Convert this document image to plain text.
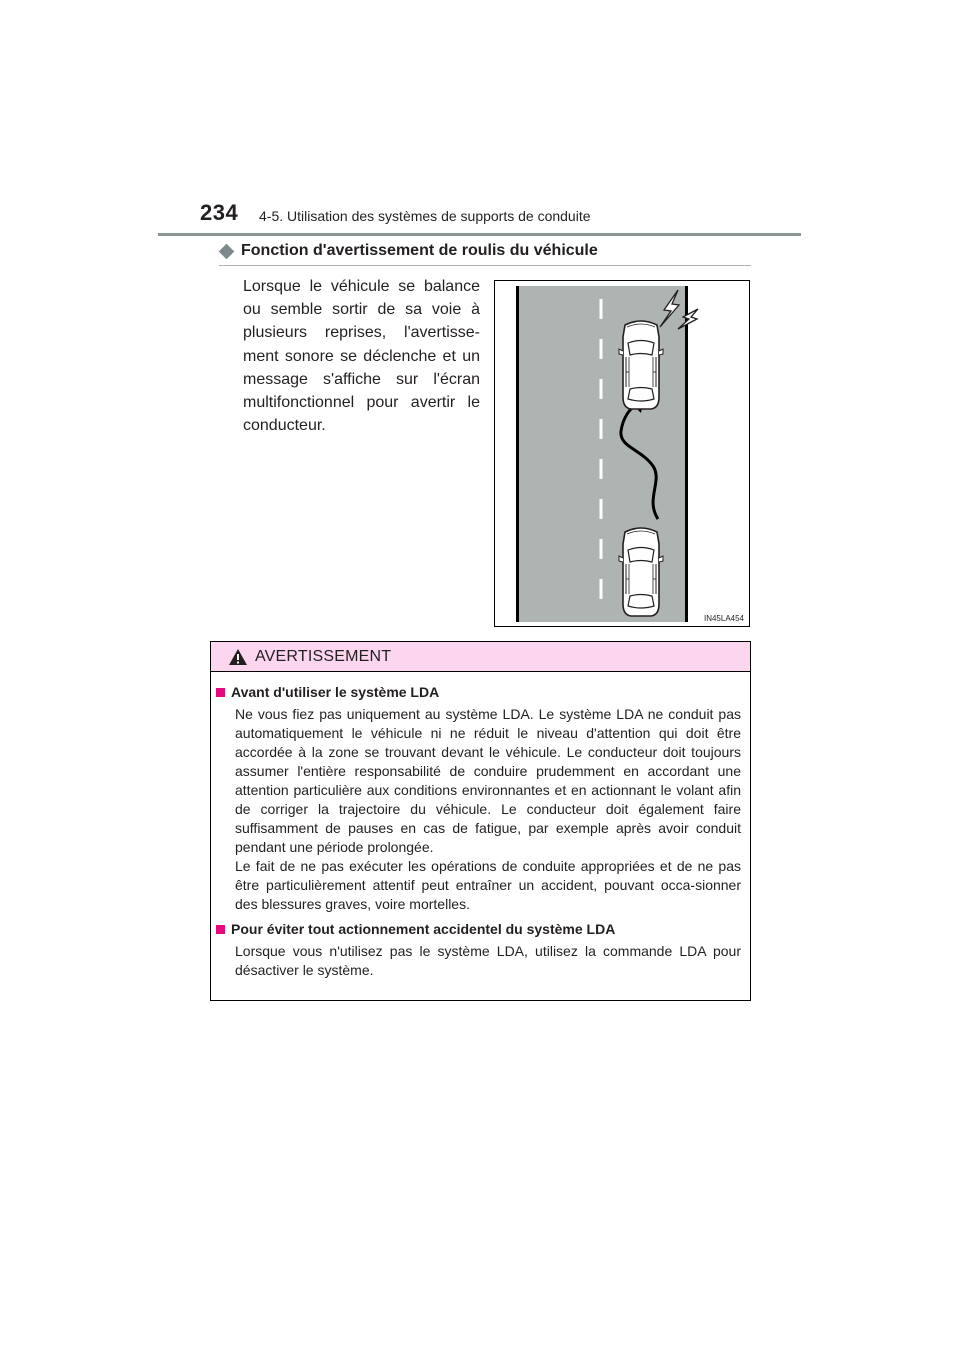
234 4-5. Utilisation des systèmes de supports de conduite
Fonction d'avertissement de roulis du véhicule

Lorsque le véhicule se balance ou semble sortir de sa voie à plusieurs reprises, l'avertisse-ment sonore se déclenche et un message s'affiche sur l'écran multifonctionnel pour avertir le conducteur.

IN45LA454
AVERTISSEMENT

Avant d'utiliser le système LDA

Ne vous fiez pas uniquement au système LDA. Le système LDA ne conduit pas automatiquement le véhicule ni ne réduit le niveau d'attention qui doit être accordée à la zone se trouvant devant le véhicule. Le conducteur doit toujours assumer l'entière responsabilité de conduire prudemment en accordant une attention particulière aux conditions environnantes et en actionnant le volant afin de corriger la trajectoire du véhicule. Le conducteur doit également faire suffisamment de pauses en cas de fatigue, par exemple après avoir conduit pendant une période prolongée.

Le fait de ne pas exécuter les opérations de conduite appropriées et de ne pas être particulièrement attentif peut entraîner un accident, pouvant occa-sionner des blessures graves, voire mortelles.

Pour éviter tout actionnement accidentel du système LDA

Lorsque vous n'utilisez pas le système LDA, utilisez la commande LDA pour désactiver le système.
